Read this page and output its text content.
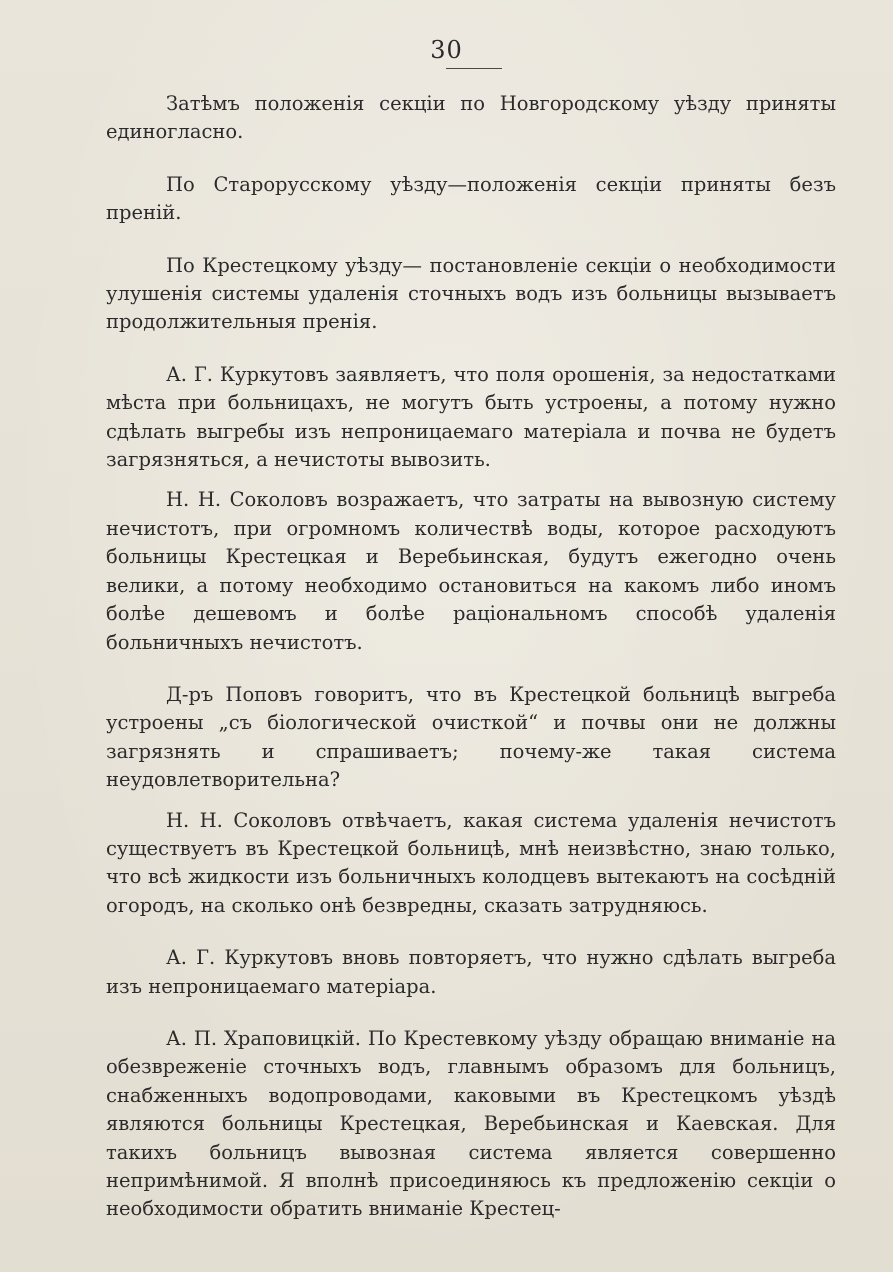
30

Затѣмъ положенія секціи по Новгородскому уѣзду приняты единогласно.

По Старорусскому уѣзду—положенія секціи приняты безъ преній.

По Крестецкому уѣзду— постановленіе секціи о необходимости улушенія системы удаленія сточныхъ водъ изъ больницы вызываетъ продолжительныя пренія.

А. Г. Куркутовъ заявляетъ, что поля орошенія, за недостатками мѣста при больницахъ, не могутъ быть устроены, а потому нужно сдѣлать выгребы изъ непроницаемаго матеріала и почва не будетъ загрязняться, а нечистоты вывозить.

Н. Н. Соколовъ возражаетъ, что затраты на вывозную систему нечистотъ, при огромномъ количествѣ воды, которое расходуютъ больницы Крестецкая и Веребьинская, будутъ ежегодно очень велики, а потому необходимо остановиться на какомъ либо иномъ болѣе дешевомъ и болѣе раціональномъ способѣ удаленія больничныхъ нечистотъ.

Д-ръ Поповъ говоритъ, что въ Крестецкой больницѣ выгреба устроены „съ біологической очисткой“ и почвы они не должны загрязнять и спрашиваетъ; почему-же такая система неудовлетворительна?

Н. Н. Соколовъ отвѣчаетъ, какая система удаленія нечистотъ существуетъ въ Крестецкой больницѣ, мнѣ неизвѣстно, знаю только, что всѣ жидкости изъ больничныхъ колодцевъ вытекаютъ на сосѣдній огородъ, на сколько онѣ безвредны, сказать затрудняюсь.

А. Г. Куркутовъ вновь повторяетъ, что нужно сдѣлать выгреба изъ непроницаемаго матеріара.

А. П. Храповицкій. По Крестевкому уѣзду обращаю вниманіе на обезвреженіе сточныхъ водъ, главнымъ образомъ для больницъ, снабженныхъ водопроводами, каковыми въ Крестецкомъ уѣздѣ являются больницы Крестецкая, Веребьинская и Каевская. Для такихъ больницъ вывозная система является совершенно непримѣнимой. Я вполнѣ присоединяюсь къ предложенію секціи о необходимости обратить вниманіе Крестец-
